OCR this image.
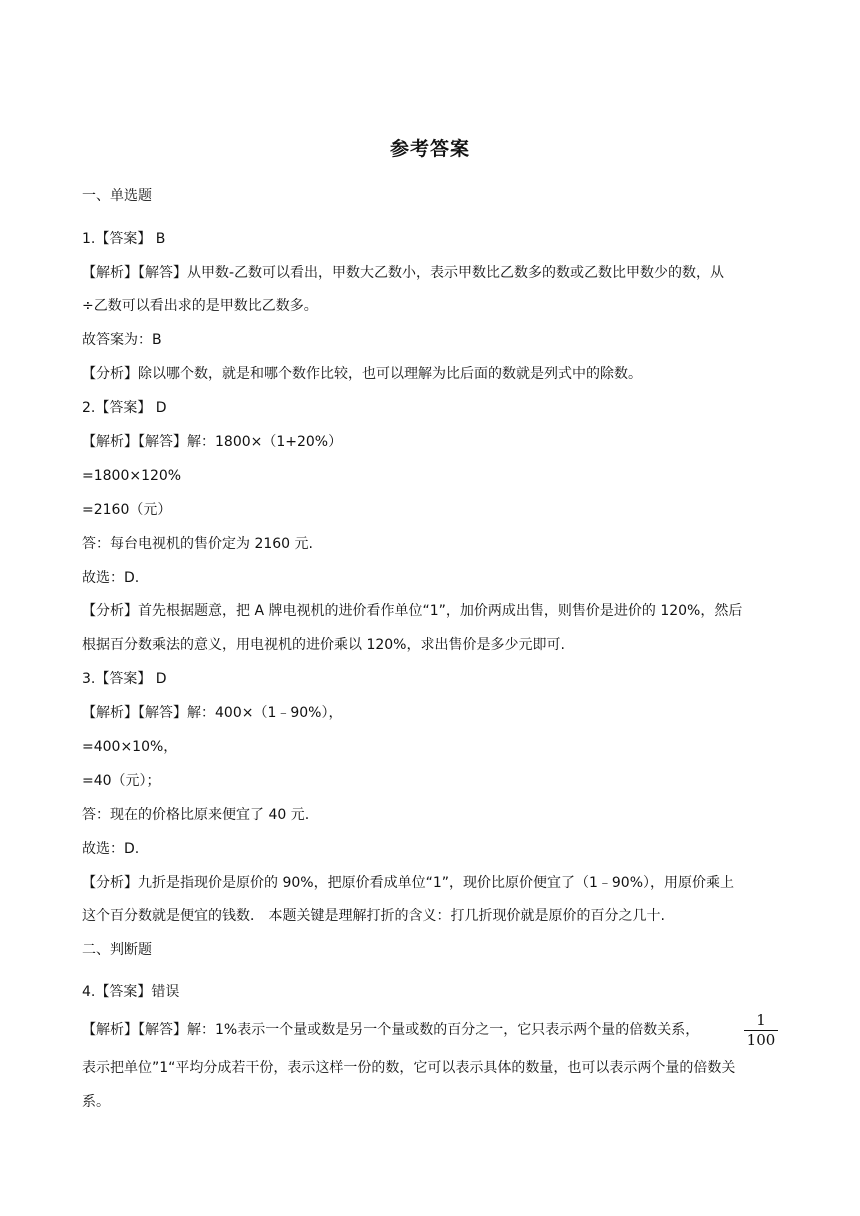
参考答案
一、单选题
1.【答案】 B
【解析】【解答】从甲数-乙数可以看出，甲数大乙数小，表示甲数比乙数多的数或乙数比甲数少的数，从
÷乙数可以看出求的是甲数比乙数多。
故答案为：B
【分析】除以哪个数，就是和哪个数作比较，也可以理解为比后面的数就是列式中的除数。
2.【答案】 D
【解析】【解答】解：1800×（1+20%）
=1800×120%
=2160（元）
答：每台电视机的售价定为 2160 元.
故选：D.
【分析】首先根据题意，把 A 牌电视机的进价看作单位“1”，加价两成出售，则售价是进价的 120%，然后
根据百分数乘法的意义，用电视机的进价乘以 120%，求出售价是多少元即可.
3.【答案】 D
【解析】【解答】解：400×（1﹣90%），
=400×10%，
=40（元）；
答：现在的价格比原来便宜了 40 元.
故选：D.
【分析】九折是指现价是原价的 90%，把原价看成单位“1”，现价比原价便宜了（1﹣90%），用原价乘上
这个百分数就是便宜的钱数． 本题关键是理解打折的含义：打几折现价就是原价的百分之几十.
二、判断题
4.【答案】错误
【解析】【解答】解：1%表示一个量或数是另一个量或数的百分之一，它只表示两个量的倍数关系，
1
100
表示把单位”1“平均分成若干份，表示这样一份的数，它可以表示具体的数量，也可以表示两个量的倍数关
系。
